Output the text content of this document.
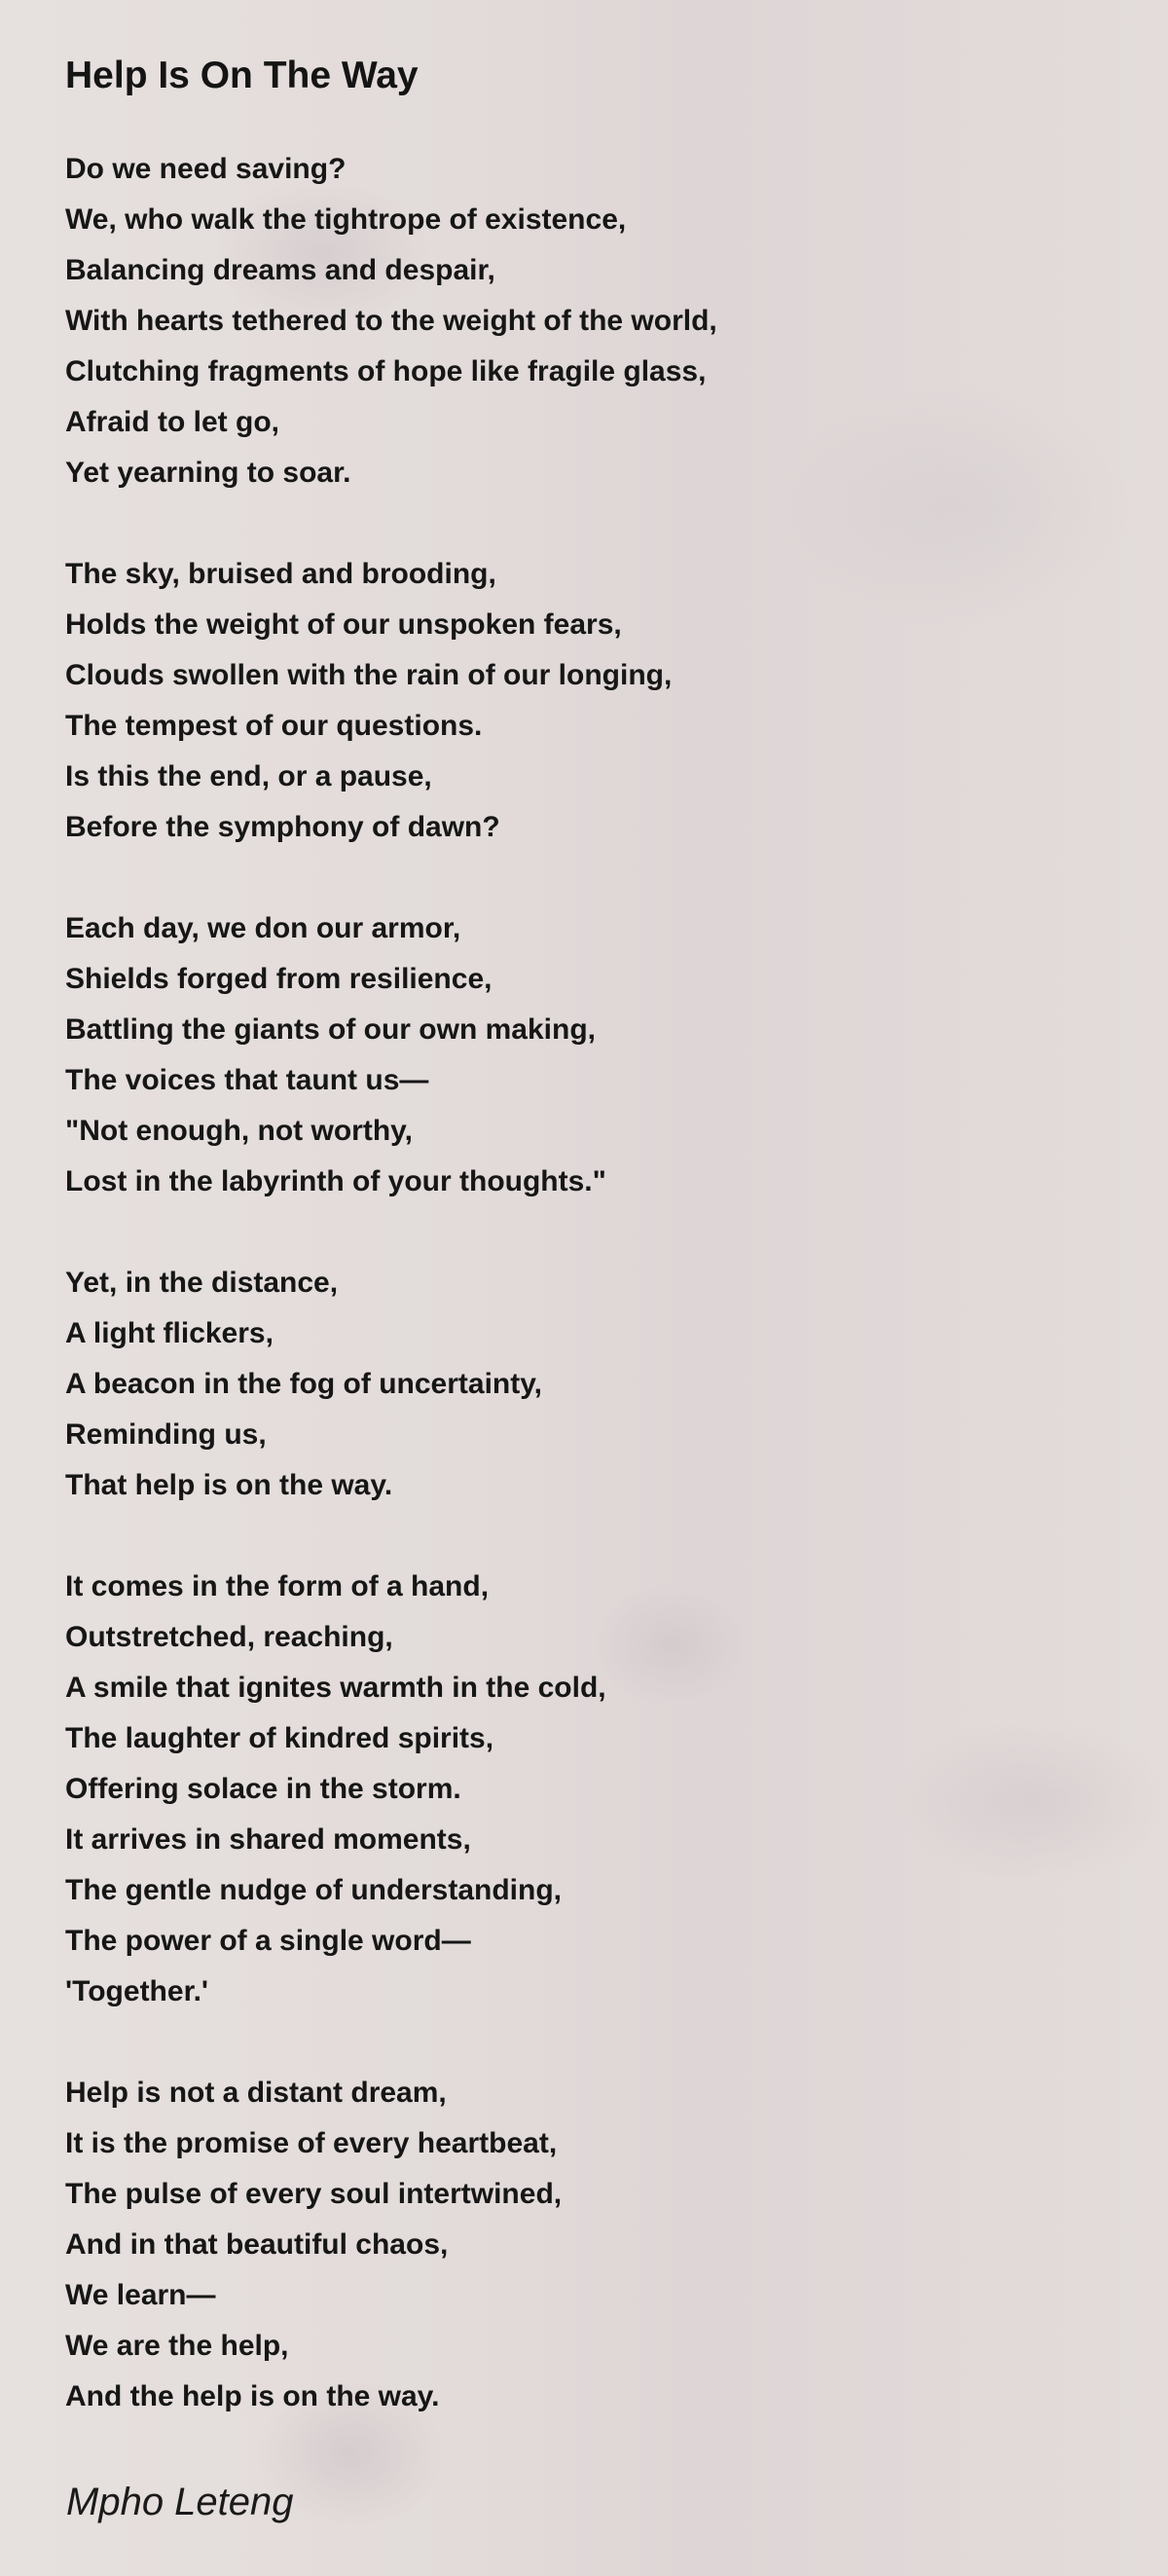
Help Is On The Way
Do we need saving?
We, who walk the tightrope of existence,
Balancing dreams and despair,
With hearts tethered to the weight of the world,
Clutching fragments of hope like fragile glass,
Afraid to let go,
Yet yearning to soar.
The sky, bruised and brooding,
Holds the weight of our unspoken fears,
Clouds swollen with the rain of our longing,
The tempest of our questions.
Is this the end, or a pause,
Before the symphony of dawn?
Each day, we don our armor,
Shields forged from resilience,
Battling the giants of our own making,
The voices that taunt us—
"Not enough, not worthy,
Lost in the labyrinth of your thoughts."
Yet, in the distance,
A light flickers,
A beacon in the fog of uncertainty,
Reminding us,
That help is on the way.
It comes in the form of a hand,
Outstretched, reaching,
A smile that ignites warmth in the cold,
The laughter of kindred spirits,
Offering solace in the storm.
It arrives in shared moments,
The gentle nudge of understanding,
The power of a single word—
'Together.'
Help is not a distant dream,
It is the promise of every heartbeat,
The pulse of every soul intertwined,
And in that beautiful chaos,
We learn—
We are the help,
And the help is on the way.
Mpho Leteng
